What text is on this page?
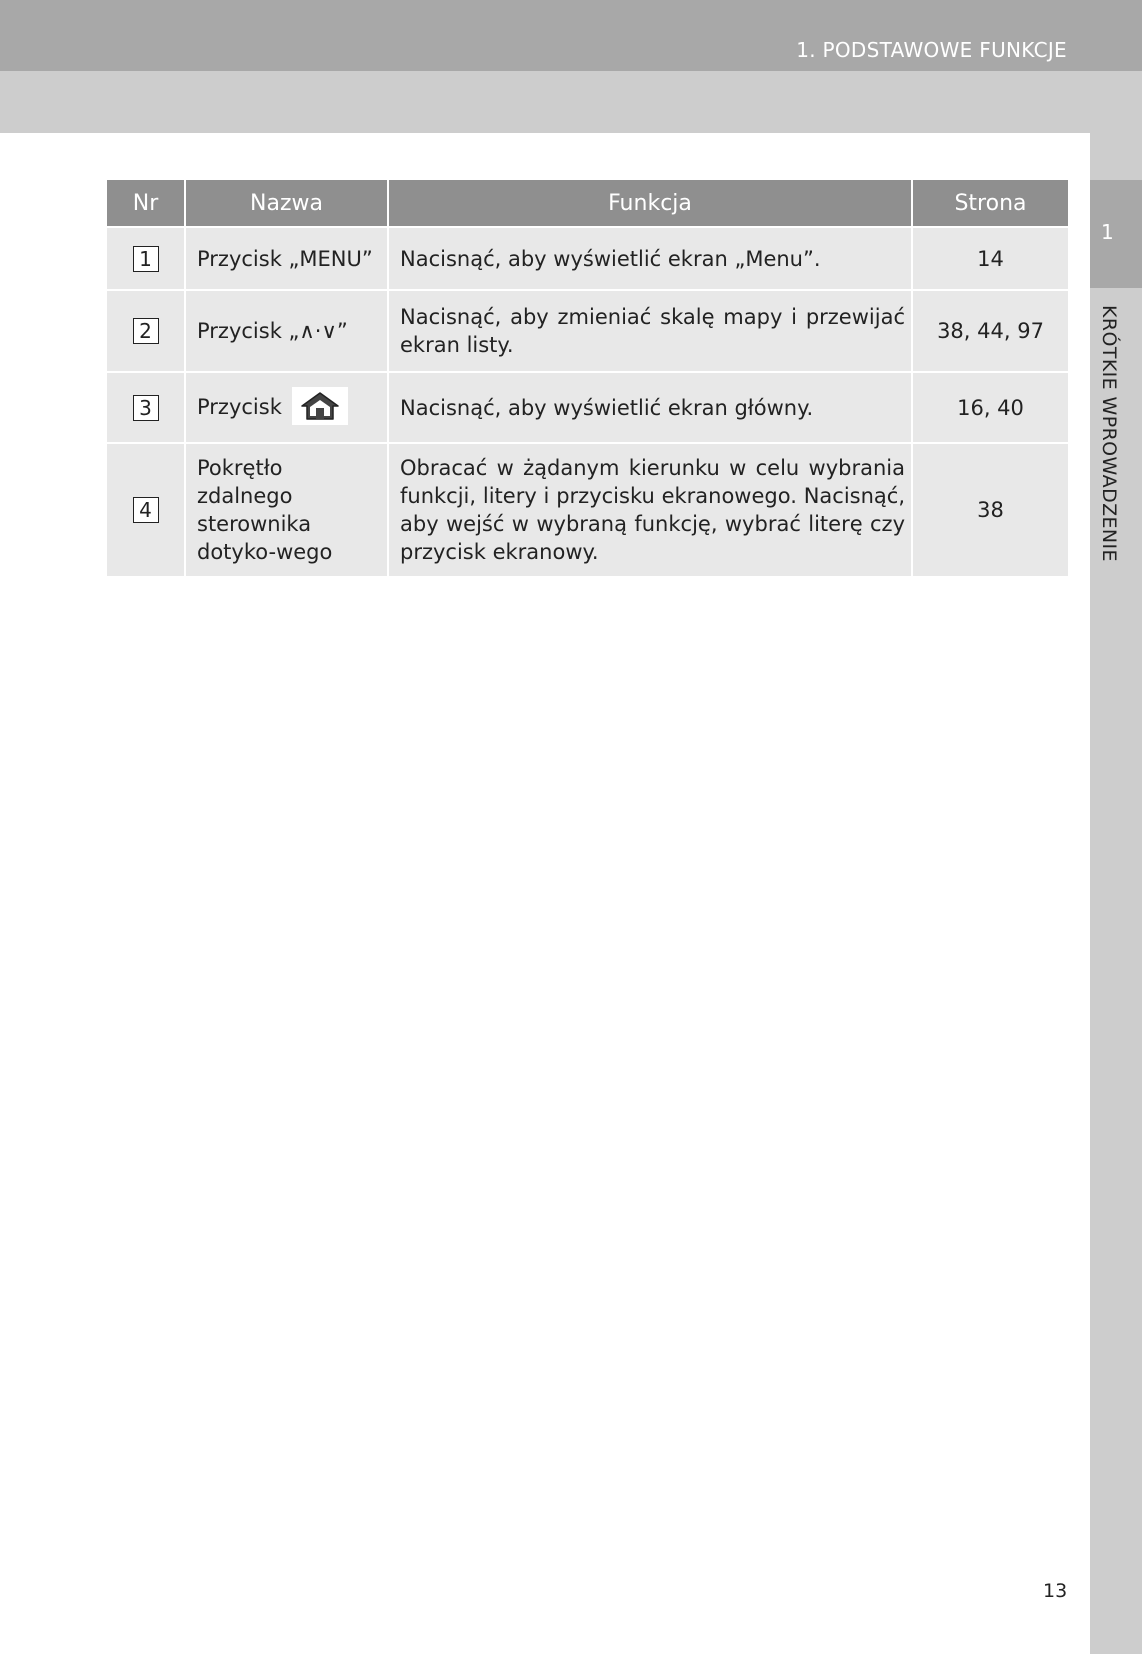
1. PODSTAWOWE FUNKCJE
1
KRÓTKIE WPROWADZENIE
Nr	Nazwa	Funkcja	Strona
1	Przycisk „MENU”	Nacisnąć, aby wyświetlić ekran „Menu”.	14
2	Przycisk „∧·∨”	Nacisnąć, aby zmieniać skalę mapy i przewijać ekran listy.	38, 44, 97
3	Przycisk	Nacisnąć, aby wyświetlić ekran główny.	16, 40
4	Pokrętło zdalnego sterownika dotyko-wego	Obracać w żądanym kierunku w celu wybrania funkcji, litery i przycisku ekranowego. Nacisnąć, aby wejść w wybraną funkcję, wybrać literę czy przycisk ekranowy.	38
13
